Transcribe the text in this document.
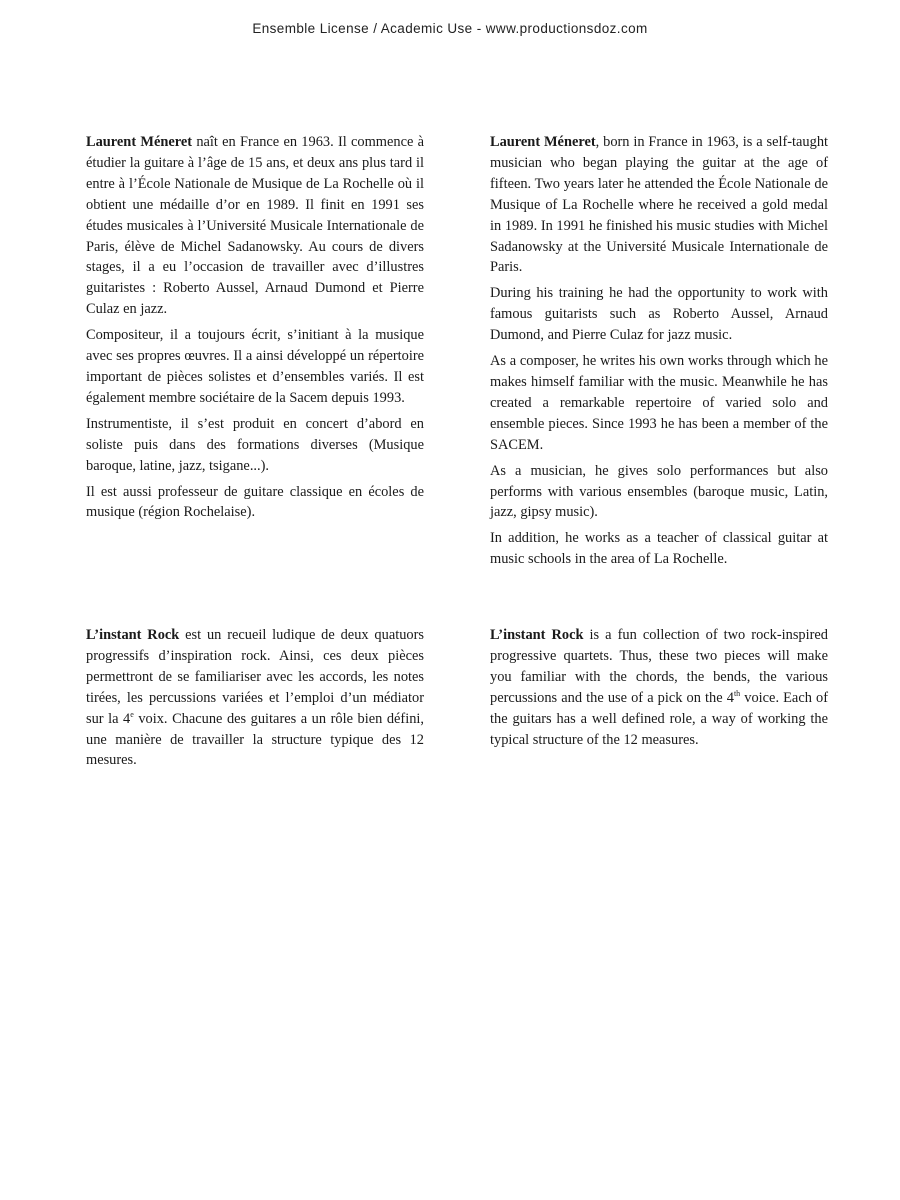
Ensemble License / Academic Use - www.productionsdoz.com

Laurent Méneret naît en France en 1963. Il commence à étudier la guitare à l’âge de 15 ans, et deux ans plus tard il entre à l’École Nationale de Musique de La Rochelle où il obtient une médaille d’or en 1989. Il finit en 1991 ses études musicales à l’Université Musicale Internationale de Paris, élève de Michel Sadanowsky. Au cours de divers stages, il a eu l’occasion de travailler avec d’illustres guitaristes : Roberto Aussel, Arnaud Dumond et Pierre Culaz en jazz.

Compositeur, il a toujours écrit, s’initiant à la musique avec ses propres œuvres. Il a ainsi développé un répertoire important de pièces solistes et d’ensembles variés. Il est également membre sociétaire de la Sacem depuis 1993.

Instrumentiste, il s’est produit en concert d’abord en soliste puis dans des formations diverses (Musique baroque, latine, jazz, tsigane...).

Il est aussi professeur de guitare classique en écoles de musique (région Rochelaise).

Laurent Méneret, born in France in 1963, is a self-taught musician who began playing the guitar at the age of fifteen. Two years later he attended the École Nationale de Musique of La Rochelle where he received a gold medal in 1989. In 1991 he finished his music studies with Michel Sadanowsky at the Université Musicale Internationale de Paris.

During his training he had the opportunity to work with famous guitarists such as Roberto Aussel, Arnaud Dumond, and Pierre Culaz for jazz music.

As a composer, he writes his own works through which he makes himself familiar with the music. Meanwhile he has created a remarkable repertoire of varied solo and ensemble pieces. Since 1993 he has been a member of the SACEM.

As a musician, he gives solo performances but also performs with various ensembles (baroque music, Latin, jazz, gipsy music).

In addition, he works as a teacher of classical guitar at music schools in the area of La Rochelle.

L’instant Rock est un recueil ludique de deux quatuors progressifs d’inspiration rock. Ainsi, ces deux pièces permettront de se familiariser avec les accords, les notes tirées, les percussions variées et l’emploi d’un médiator sur la 4e voix. Chacune des guitares a un rôle bien défini, une manière de travailler la structure typique des 12 mesures.

L’instant Rock is a fun collection of two rock-inspired progressive quartets. Thus, these two pieces will make you familiar with the chords, the bends, the various percussions and the use of a pick on the 4th voice. Each of the guitars has a well defined role, a way of working the typical structure of the 12 measures.
